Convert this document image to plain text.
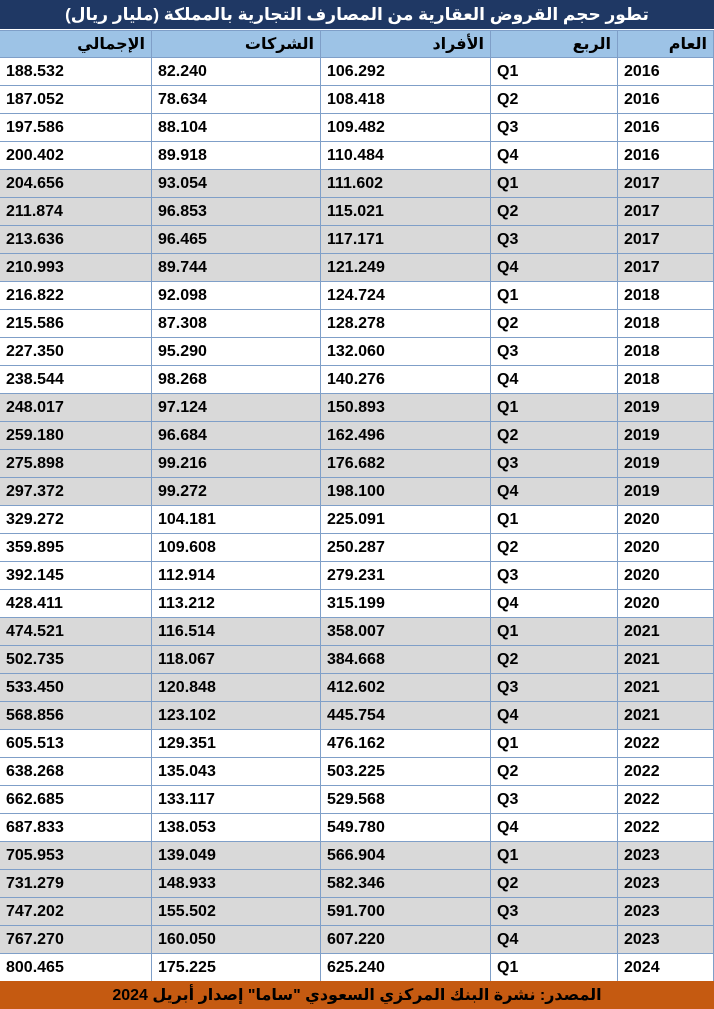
تطور حجم القروض العقارية من المصارف التجارية بالمملكة (مليار ريال)
العام	الربع	الأفراد	الشركات	الإجمالي
2016	Q1	106.292	82.240	188.532
2016	Q2	108.418	78.634	187.052
2016	Q3	109.482	88.104	197.586
2016	Q4	110.484	89.918	200.402
2017	Q1	111.602	93.054	204.656
2017	Q2	115.021	96.853	211.874
2017	Q3	117.171	96.465	213.636
2017	Q4	121.249	89.744	210.993
2018	Q1	124.724	92.098	216.822
2018	Q2	128.278	87.308	215.586
2018	Q3	132.060	95.290	227.350
2018	Q4	140.276	98.268	238.544
2019	Q1	150.893	97.124	248.017
2019	Q2	162.496	96.684	259.180
2019	Q3	176.682	99.216	275.898
2019	Q4	198.100	99.272	297.372
2020	Q1	225.091	104.181	329.272
2020	Q2	250.287	109.608	359.895
2020	Q3	279.231	112.914	392.145
2020	Q4	315.199	113.212	428.411
2021	Q1	358.007	116.514	474.521
2021	Q2	384.668	118.067	502.735
2021	Q3	412.602	120.848	533.450
2021	Q4	445.754	123.102	568.856
2022	Q1	476.162	129.351	605.513
2022	Q2	503.225	135.043	638.268
2022	Q3	529.568	133.117	662.685
2022	Q4	549.780	138.053	687.833
2023	Q1	566.904	139.049	705.953
2023	Q2	582.346	148.933	731.279
2023	Q3	591.700	155.502	747.202
2023	Q4	607.220	160.050	767.270
2024	Q1	625.240	175.225	800.465
المصدر: نشرة البنك المركزي السعودي "ساما" إصدار أبريل 2024
